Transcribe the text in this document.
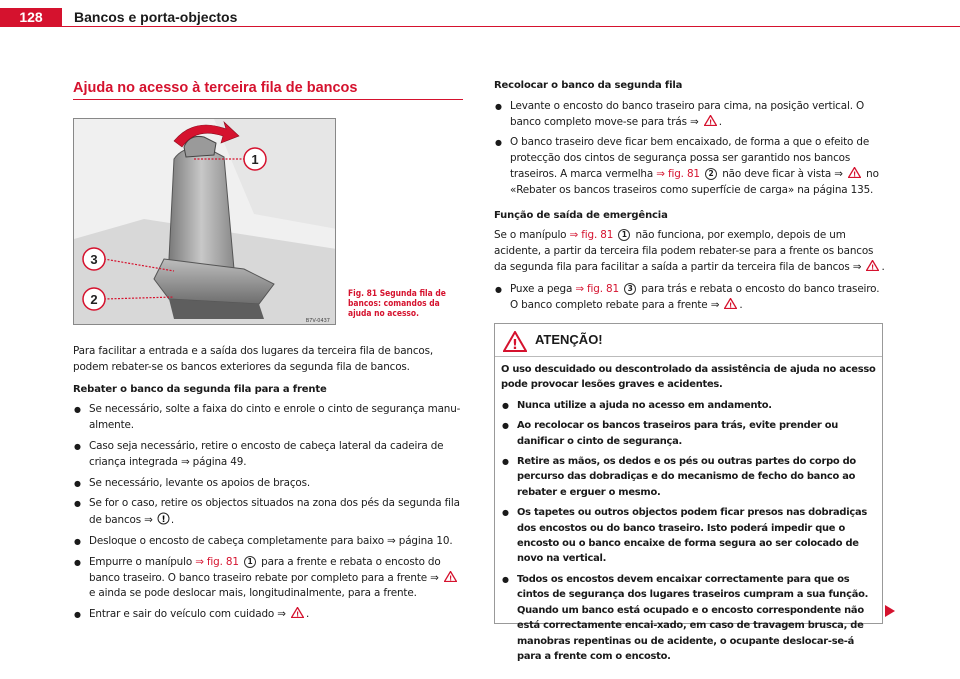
128	Bancos e porta-objectos
Ajuda no acesso à terceira fila de bancos
1
3
2
B7V-0437
Fig. 81 Segunda fila de bancos: comandos da ajuda no acesso.

Para facilitar a entrada e a saída dos lugares da terceira fila de bancos, podem rebater-se os bancos exteriores da segunda fila de bancos.

Rebater o banco da segunda fila para a frente

● Se necessário, solte a faixa do cinto e enrole o cinto de segurança manu-almente.
● Caso seja necessário, retire o encosto de cabeça lateral da cadeira de criança integrada ⇒ página 49.
● Se necessário, levante os apoios de braços.
● Se for o caso, retire os objectos situados na zona dos pés da segunda fila de bancos ⇒ ! .
● Desloque o encosto de cabeça completamente para baixo ⇒ página 10.
● Empurre o manípulo ⇒ fig. 81 1 para a frente e rebata o encosto do banco traseiro. O banco traseiro rebate por completo para a frente ⇒ !
e ainda se pode deslocar mais, longitudinalmente, para a frente.
● Entrar e sair do veículo com cuidado ⇒ ! .

Recolocar o banco da segunda fila

● Levante o encosto do banco traseiro para cima, na posição vertical. O banco completo move-se para trás ⇒ ! .
● O banco traseiro deve ficar bem encaixado, de forma a que o efeito de protecção dos cintos de segurança possa ser garantido nos bancos traseiros. A marca vermelha ⇒ fig. 81 2 não deve ficar à vista ⇒ ! no «Rebater os bancos traseiros como superfície de carga» na página 135.

Função de saída de emergência

Se o manípulo ⇒ fig. 81 1 não funciona, por exemplo, depois de um acidente, a partir da terceira fila podem rebater-se para a frente os bancos da segunda fila para facilitar a saída a partir da terceira fila de bancos ⇒ ! .

● Puxe a pega ⇒ fig. 81 3 para trás e rebata o encosto do banco traseiro. O banco completo rebate para a frente ⇒ ! .
! ATENÇÃO!

O uso descuidado ou descontrolado da assistência de ajuda no acesso pode provocar lesões graves e acidentes.

● Nunca utilize a ajuda no acesso em andamento.
● Ao recolocar os bancos traseiros para trás, evite prender ou danificar o cinto de segurança.
● Retire as mãos, os dedos e os pés ou outras partes do corpo do percurso das dobradiças e do mecanismo de fecho do banco ao rebater e erguer o mesmo.
● Os tapetes ou outros objectos podem ficar presos nas dobradiças dos encostos ou do banco traseiro. Isto poderá impedir que o encosto ou o banco encaixe de forma segura ao ser colocado de novo na vertical.
● Todos os encostos devem encaixar correctamente para que os cintos de segurança dos lugares traseiros cumpram a sua função. Quando um banco está ocupado e o encosto correspondente não está correctamente encai-xado, em caso de travagem brusca, de manobras repentinas ou de acidente, o ocupante deslocar-se-á para a frente com o encosto.
